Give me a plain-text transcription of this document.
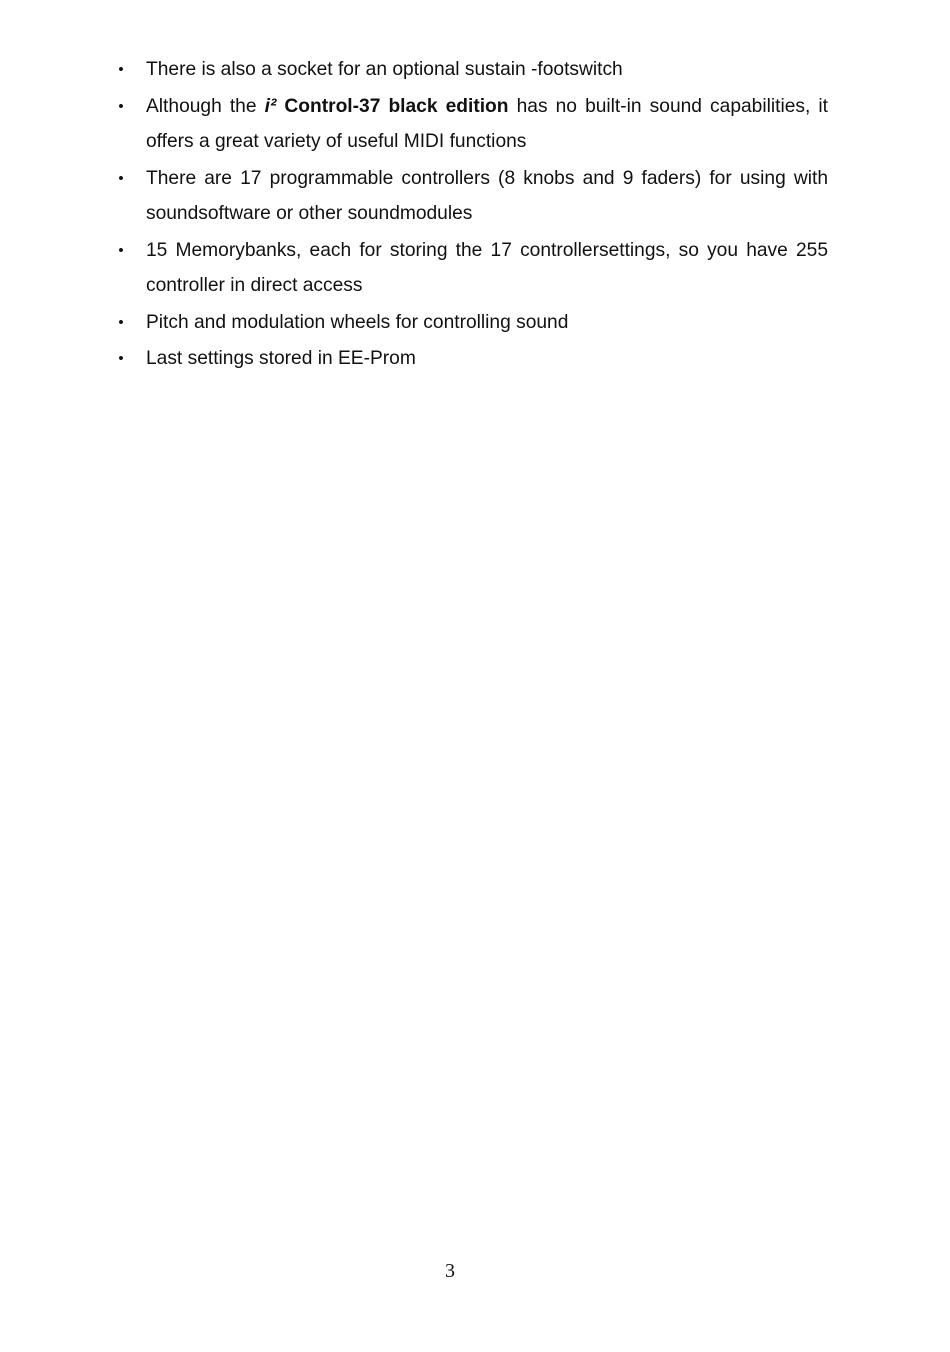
• There is also a socket for an optional sustain -footswitch
• Although the i² Control-37 black edition has no built-in sound capabilities, it offers a great variety of useful MIDI functions
• There are 17 programmable controllers (8 knobs and 9 faders) for using with soundsoftware or other soundmodules
• 15 Memorybanks, each for storing the 17 controllersettings, so you have 255 controller in direct access
• Pitch and modulation wheels for controlling sound
• Last settings stored in EE-Prom
3
